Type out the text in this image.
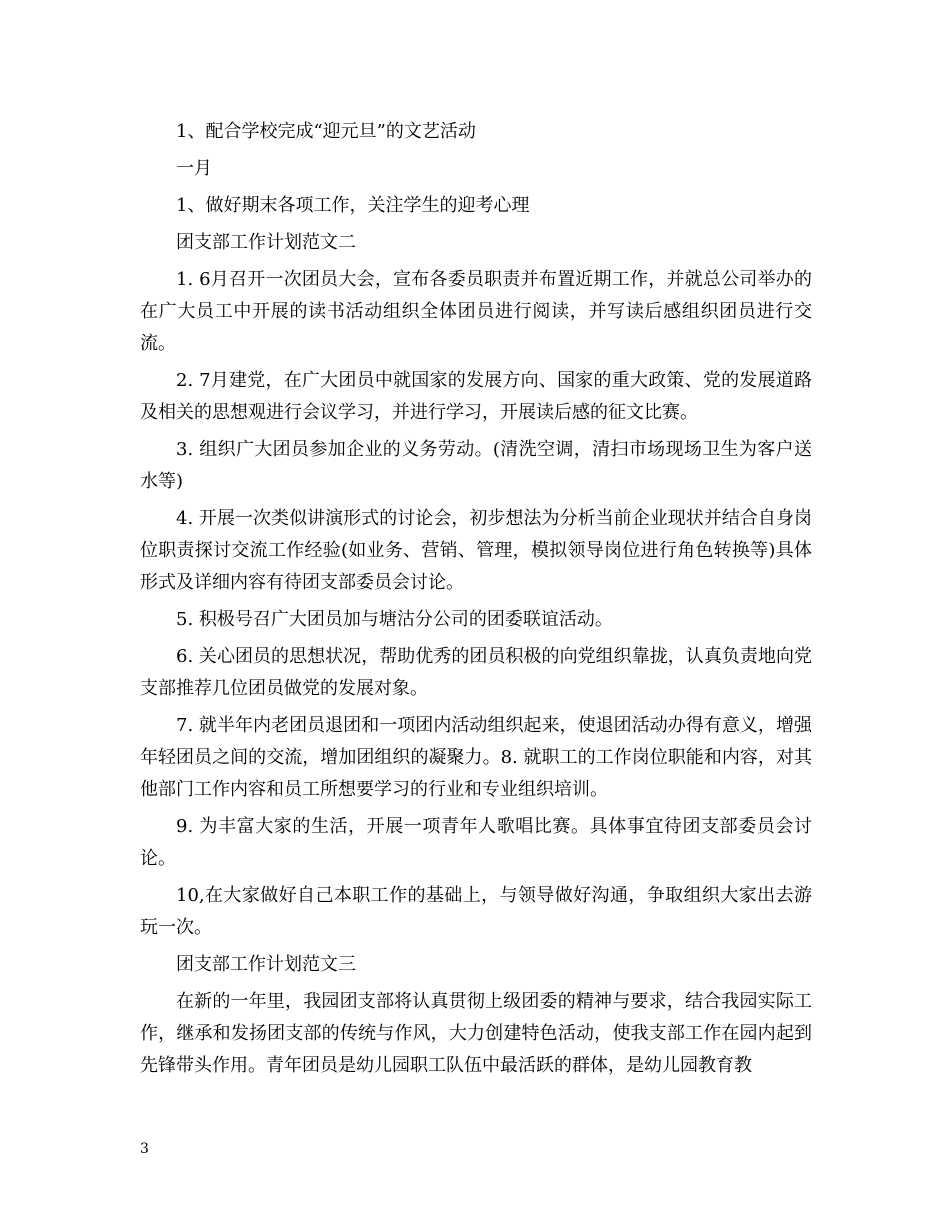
1、配合学校完成“迎元旦”的文艺活动

一月

1、做好期末各项工作，关注学生的迎考心理

团支部工作计划范文二

1. 6月召开一次团员大会，宣布各委员职责并布置近期工作，并就总公司举办的在广大员工中开展的读书活动组织全体团员进行阅读，并写读后感组织团员进行交流。

2. 7月建党，在广大团员中就国家的发展方向、国家的重大政策、党的发展道路及相关的思想观进行会议学习，并进行学习，开展读后感的征文比赛。

3. 组织广大团员参加企业的义务劳动。(清洗空调，清扫市场现场卫生为客户送水等)

4. 开展一次类似讲演形式的讨论会，初步想法为分析当前企业现状并结合自身岗位职责探讨交流工作经验(如业务、营销、管理，模拟领导岗位进行角色转换等)具体形式及详细内容有待团支部委员会讨论。

5. 积极号召广大团员加与塘沽分公司的团委联谊活动。

6. 关心团员的思想状况，帮助优秀的团员积极的向党组织靠拢，认真负责地向党支部推荐几位团员做党的发展对象。

7. 就半年内老团员退团和一项团内活动组织起来，使退团活动办得有意义，增强年轻团员之间的交流，增加团组织的凝聚力。8. 就职工的工作岗位职能和内容，对其他部门工作内容和员工所想要学习的行业和专业组织培训。

9. 为丰富大家的生活，开展一项青年人歌唱比赛。具体事宜待团支部委员会讨论。

10,在大家做好自己本职工作的基础上，与领导做好沟通，争取组织大家出去游玩一次。

团支部工作计划范文三

在新的一年里，我园团支部将认真贯彻上级团委的精神与要求，结合我园实际工作，继承和发扬团支部的传统与作风，大力创建特色活动，使我支部工作在园内起到先锋带头作用。青年团员是幼儿园职工队伍中最活跃的群体，是幼儿园教育教

3
